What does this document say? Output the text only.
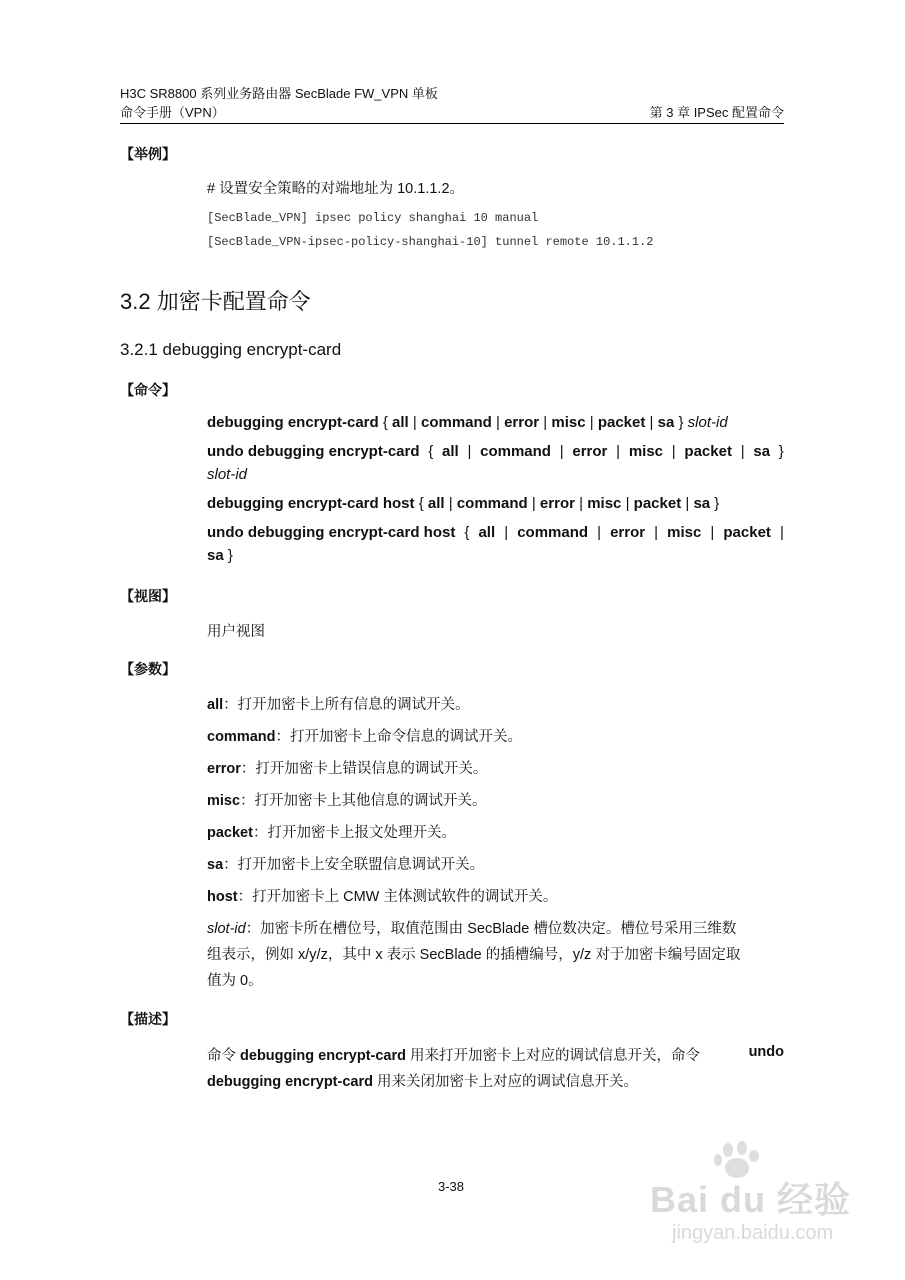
H3C SR8800 系列业务路由器 SecBlade FW_VPN 单板
命令手册（VPN）	第 3 章 IPSec 配置命令
【举例】
# 设置安全策略的对端地址为 10.1.1.2。
[SecBlade_VPN] ipsec policy shanghai 10 manual
[SecBlade_VPN-ipsec-policy-shanghai-10] tunnel remote 10.1.1.2
3.2 加密卡配置命令
3.2.1 debugging encrypt-card
【命令】
debugging encrypt-card { all | command | error | misc | packet | sa } slot-id
undo debugging encrypt-card { all | command | error | misc | packet | sa }
slot-id
debugging encrypt-card host { all | command | error | misc | packet | sa }
undo debugging encrypt-card host { all | command | error | misc | packet |
sa }
【视图】
用户视图
【参数】
all：打开加密卡上所有信息的调试开关。
command：打开加密卡上命令信息的调试开关。
error：打开加密卡上错误信息的调试开关。
misc：打开加密卡上其他信息的调试开关。
packet：打开加密卡上报文处理开关。
sa：打开加密卡上安全联盟信息调试开关。
host：打开加密卡上 CMW 主体测试软件的调试开关。
slot-id：加密卡所在槽位号，取值范围由 SecBlade 槽位数决定。槽位号采用三维数
组表示，例如 x/y/z，其中 x 表示 SecBlade 的插槽编号，y/z 对于加密卡编号固定取
值为 0。
【描述】
命令 debugging encrypt-card 用来打开加密卡上对应的调试信息开关，命令	undo
debugging encrypt-card 用来关闭加密卡上对应的调试信息开关。
3-38	Bai du 经验
jingyan.baidu.com
